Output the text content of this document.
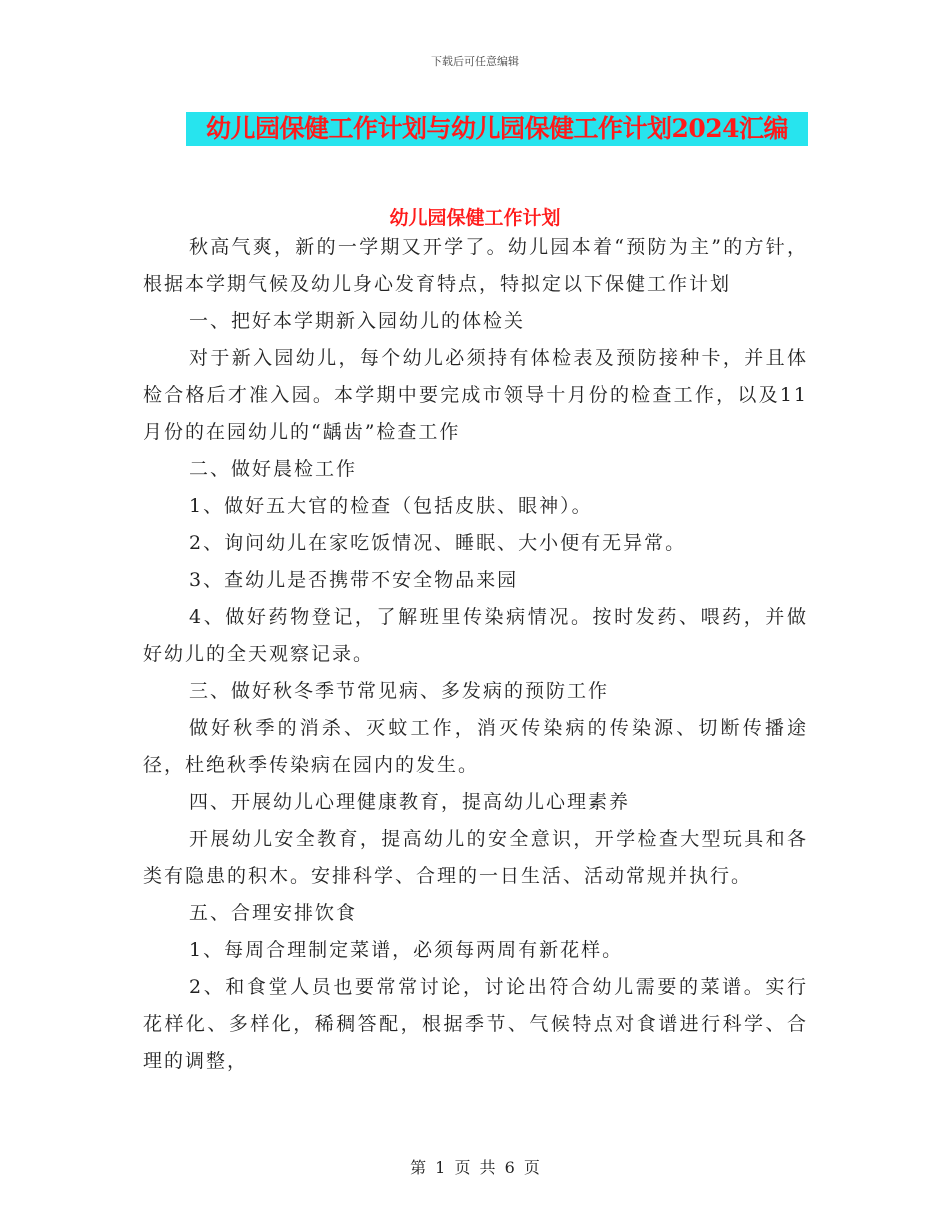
下载后可任意编辑
幼儿园保健工作计划与幼儿园保健工作计划2024汇编
幼儿园保健工作计划

秋高气爽，新的一学期又开学了。幼儿园本着“预防为主”的方针，根据本学期气候及幼儿身心发育特点，特拟定以下保健工作计划

一、把好本学期新入园幼儿的体检关

对于新入园幼儿，每个幼儿必须持有体检表及预防接种卡，并且体检合格后才准入园。本学期中要完成市领导十月份的检查工作，以及11月份的在园幼儿的“龋齿”检查工作

二、做好晨检工作

1、做好五大官的检查（包括皮肤、眼神）。

2、询问幼儿在家吃饭情况、睡眠、大小便有无异常。

3、查幼儿是否携带不安全物品来园

4、做好药物登记，了解班里传染病情况。按时发药、喂药，并做好幼儿的全天观察记录。

三、做好秋冬季节常见病、多发病的预防工作

做好秋季的消杀、灭蚊工作，消灭传染病的传染源、切断传播途径，杜绝秋季传染病在园内的发生。

四、开展幼儿心理健康教育，提高幼儿心理素养

开展幼儿安全教育，提高幼儿的安全意识，开学检查大型玩具和各类有隐患的积木。安排科学、合理的一日生活、活动常规并执行。

五、合理安排饮食

1、每周合理制定菜谱，必须每两周有新花样。

2、和食堂人员也要常常讨论，讨论出符合幼儿需要的菜谱。实行花样化、多样化，稀稠答配，根据季节、气候特点对食谱进行科学、合理的调整，

第 1 页 共 6 页
